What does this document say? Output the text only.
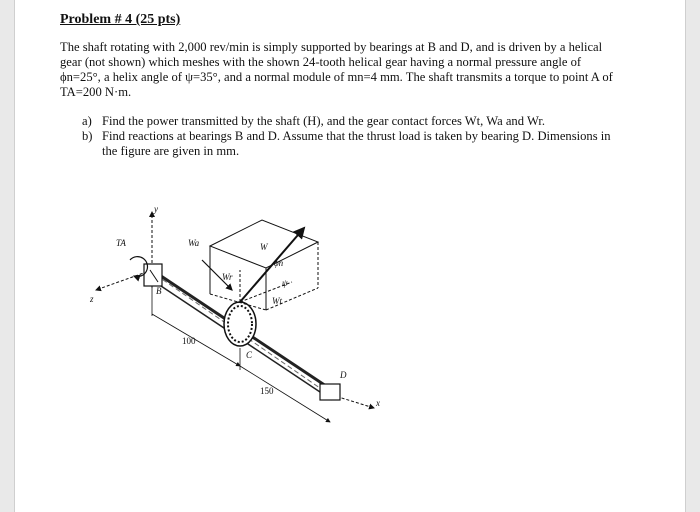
Problem # 4 (25 pts)

The shaft rotating with 2,000 rev/min is simply supported by bearings at B and D, and is driven by a helical gear (not shown) which meshes with the shown 24-tooth helical gear having a normal pressure angle of ϕn=25°, a helix angle of ψ=35°, and a normal module of mn=4 mm. The shaft transmits a torque to point A of TA=200 N·m.

a) Find the power transmitted by the shaft (H), and the gear contact forces Wt, Wa and Wr.
b) Find reactions at bearings B and D. Assume that the thrust load is taken by bearing D. Dimensions in the figure are given in mm.
y
z
x
TA	Wa	W
Wr
Wt
ϕn
ψ
B
C
D
100
150
